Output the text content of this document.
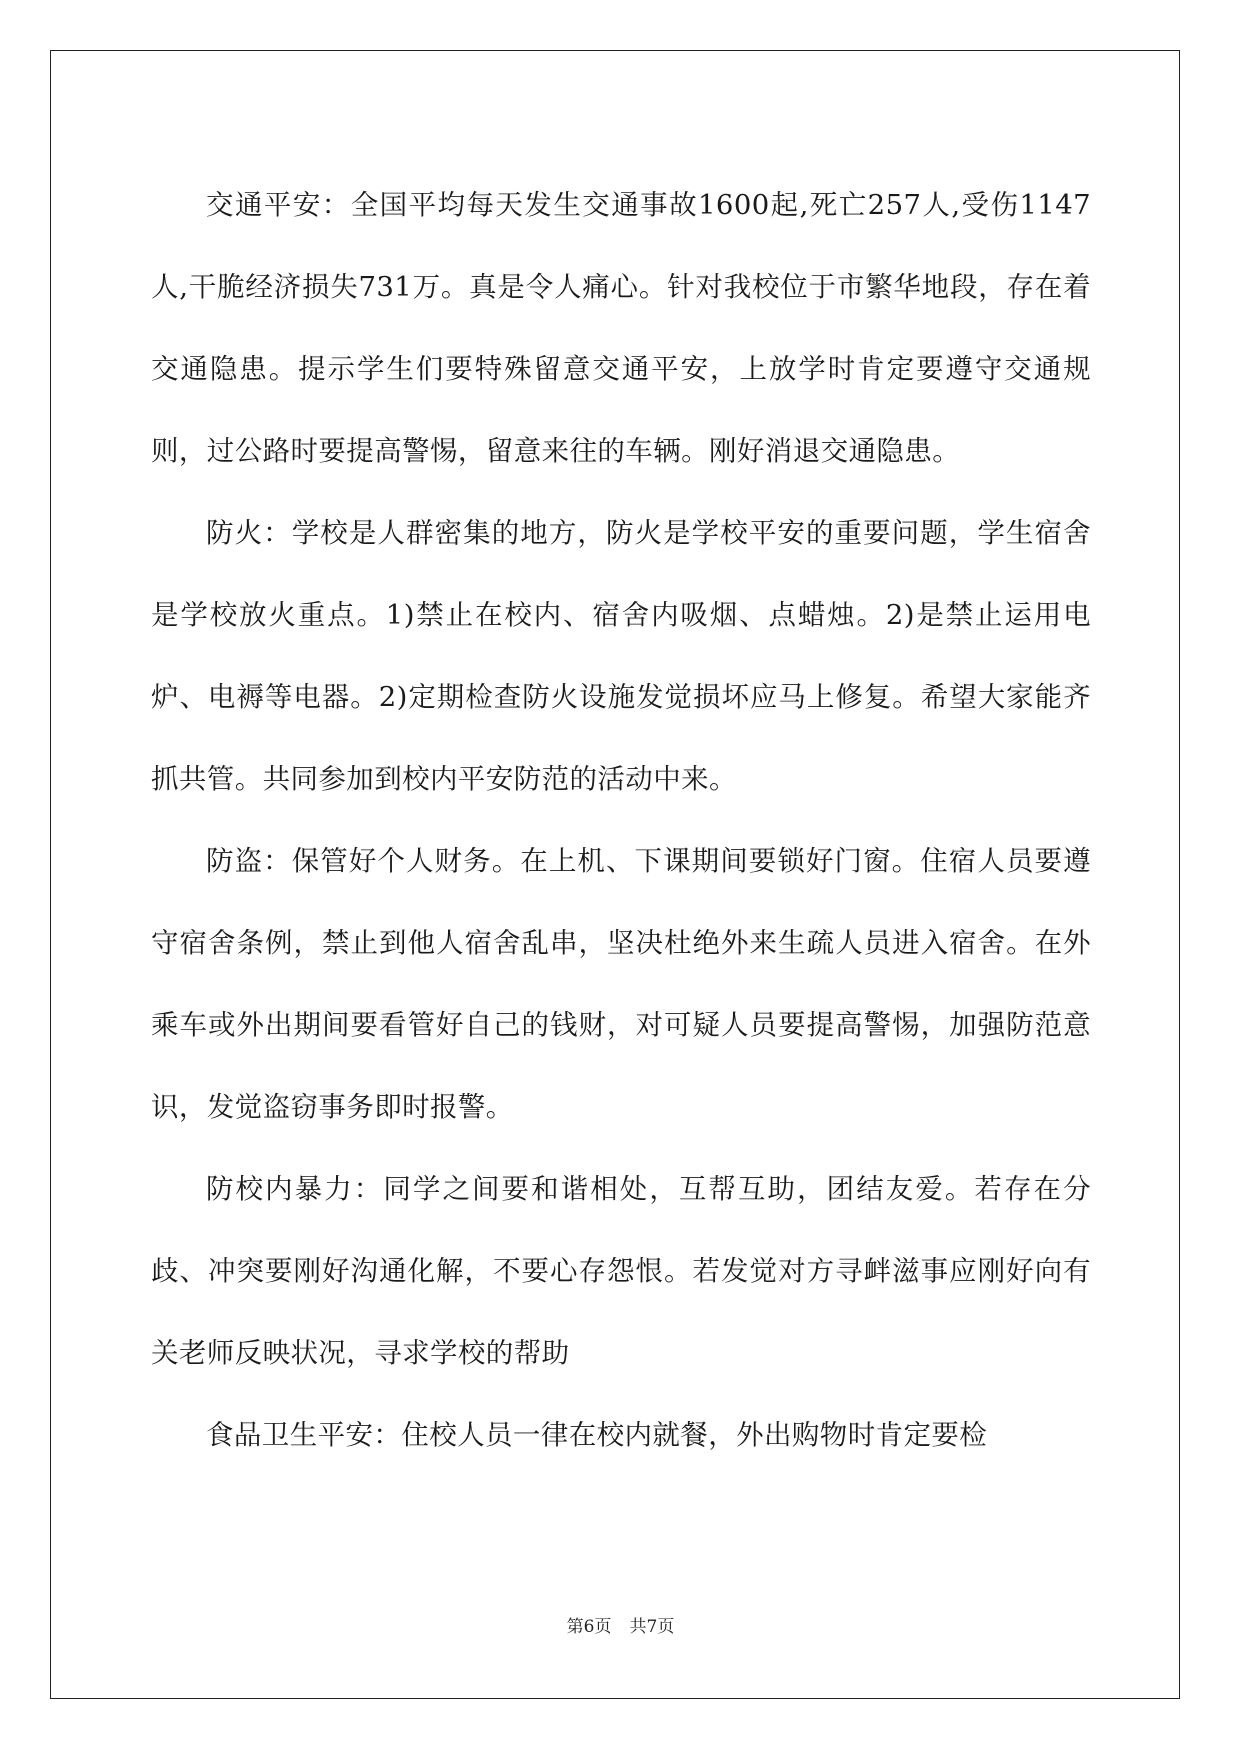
交通平安：全国平均每天发生交通事故1600起,死亡257人,受伤1147人,干脆经济损失731万。真是令人痛心。针对我校位于市繁华地段，存在着交通隐患。提示学生们要特殊留意交通平安，上放学时肯定要遵守交通规则，过公路时要提高警惕，留意来往的车辆。刚好消退交通隐患。

防火：学校是人群密集的地方，防火是学校平安的重要问题，学生宿舍是学校放火重点。1)禁止在校内、宿舍内吸烟、点蜡烛。2)是禁止运用电炉、电褥等电器。2)定期检查防火设施发觉损坏应马上修复。希望大家能齐抓共管。共同参加到校内平安防范的活动中来。

防盗：保管好个人财务。在上机、下课期间要锁好门窗。住宿人员要遵守宿舍条例，禁止到他人宿舍乱串，坚决杜绝外来生疏人员进入宿舍。在外乘车或外出期间要看管好自己的钱财，对可疑人员要提高警惕，加强防范意识，发觉盗窃事务即时报警。

防校内暴力：同学之间要和谐相处，互帮互助，团结友爱。若存在分歧、冲突要刚好沟通化解，不要心存怨恨。若发觉对方寻衅滋事应刚好向有关老师反映状况，寻求学校的帮助

食品卫生平安：住校人员一律在校内就餐，外出购物时肯定要检

第6页 共7页
